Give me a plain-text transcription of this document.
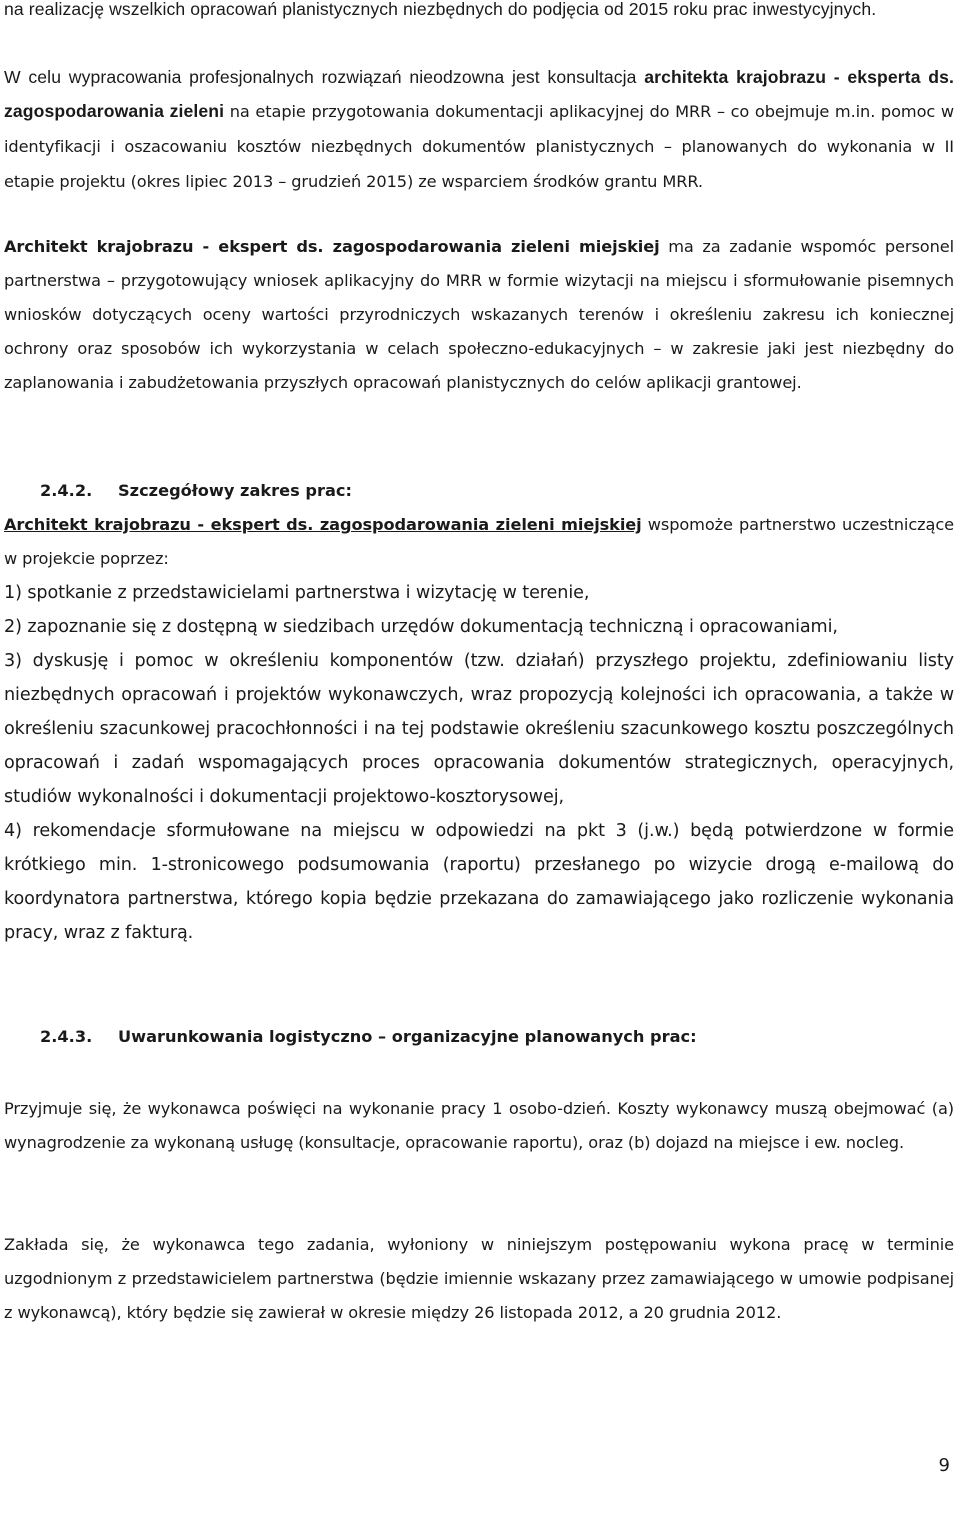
na realizację wszelkich opracowań planistycznych niezbędnych do podjęcia od 2015 roku prac inwestycyjnych.

W celu wypracowania profesjonalnych rozwiązań nieodzowna jest konsultacja architekta krajobrazu - eksperta ds. zagospodarowania zieleni na etapie przygotowania dokumentacji aplikacyjnej do MRR – co obejmuje m.in. pomoc w identyfikacji i oszacowaniu kosztów niezbędnych dokumentów planistycznych – planowanych do wykonania w II etapie projektu (okres lipiec 2013 – grudzień 2015) ze wsparciem środków grantu MRR.

Architekt krajobrazu - ekspert ds. zagospodarowania zieleni miejskiej ma za zadanie wspomóc personel partnerstwa – przygotowujący wniosek aplikacyjny do MRR w formie wizytacji na miejscu i sformułowanie pisemnych wniosków dotyczących oceny wartości przyrodniczych wskazanych terenów i określeniu zakresu ich koniecznej ochrony oraz sposobów ich wykorzystania w celach społeczno-edukacyjnych – w zakresie jaki jest niezbędny do zaplanowania i zabudżetowania przyszłych opracowań planistycznych do celów aplikacji grantowej.

2.4.2. Szczegółowy zakres prac:

Architekt krajobrazu - ekspert ds. zagospodarowania zieleni miejskiej wspomoże partnerstwo uczestniczące w projekcie poprzez:

1) spotkanie z przedstawicielami partnerstwa i wizytację w terenie,

2) zapoznanie się z dostępną w siedzibach urzędów dokumentacją techniczną i opracowaniami,

3) dyskusję i pomoc w określeniu komponentów (tzw. działań) przyszłego projektu, zdefiniowaniu listy niezbędnych opracowań i projektów wykonawczych, wraz propozycją kolejności ich opracowania, a także w określeniu szacunkowej pracochłonności i na tej podstawie określeniu szacunkowego kosztu poszczególnych opracowań i zadań wspomagających proces opracowania dokumentów strategicznych, operacyjnych, studiów wykonalności i dokumentacji projektowo-kosztorysowej,

4) rekomendacje sformułowane na miejscu w odpowiedzi na pkt 3 (j.w.) będą potwierdzone w formie krótkiego min. 1-stronicowego podsumowania (raportu) przesłanego po wizycie drogą e-mailową do koordynatora partnerstwa, którego kopia będzie przekazana do zamawiającego jako rozliczenie wykonania pracy, wraz z fakturą.

2.4.3. Uwarunkowania logistyczno – organizacyjne planowanych prac:

Przyjmuje się, że wykonawca poświęci na wykonanie pracy 1 osobo-dzień. Koszty wykonawcy muszą obejmować (a) wynagrodzenie za wykonaną usługę (konsultacje, opracowanie raportu), oraz (b) dojazd na miejsce i ew. nocleg.

Zakłada się, że wykonawca tego zadania, wyłoniony w niniejszym postępowaniu wykona pracę w terminie uzgodnionym z przedstawicielem partnerstwa (będzie imiennie wskazany przez zamawiającego w umowie podpisanej z wykonawcą), który będzie się zawierał w okresie między 26 listopada 2012, a 20 grudnia 2012.

9
